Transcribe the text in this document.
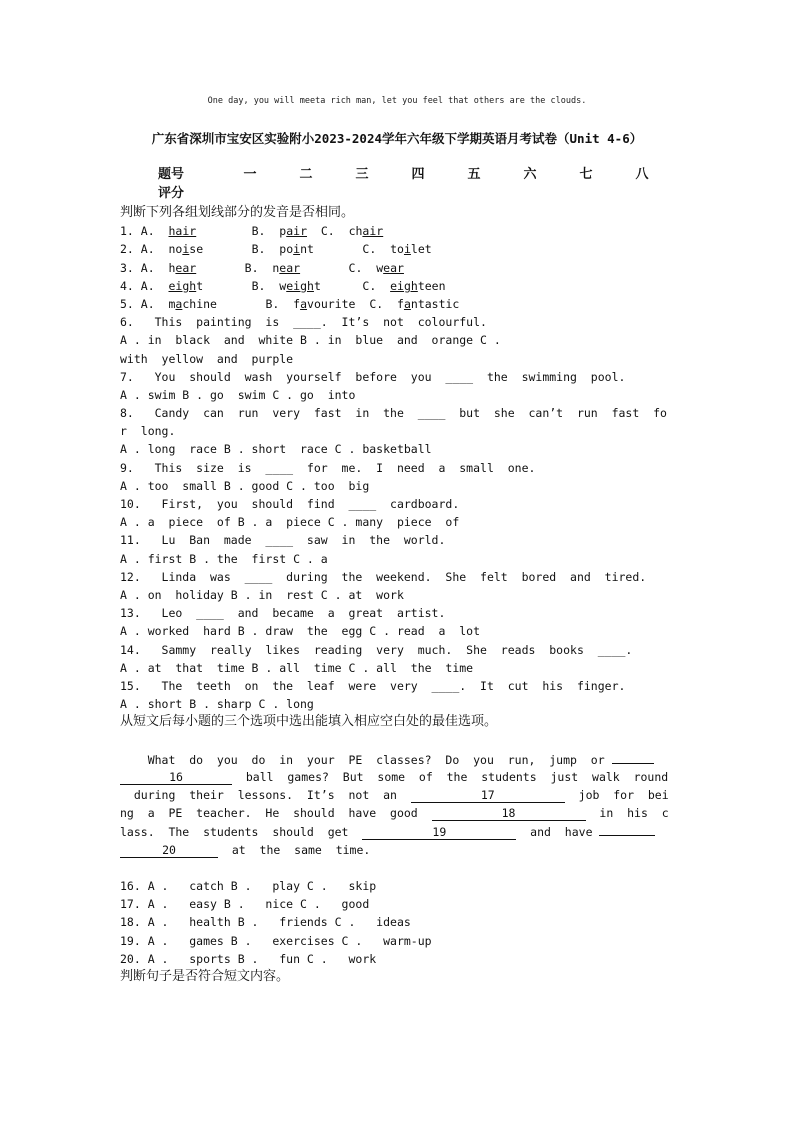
One day, you will meeta rich man, let you feel that others are the clouds.
广东省深圳市宝安区实验附小2023-2024学年六年级下学期英语月考试卷（Unit 4-6）
题号	一	二	三	四	五	六	七	八
评分
判断下列各组划线部分的发音是否相同。
1. A.  hair        B.  pair  C.  chair
2. A.  noise       B.  point       C.  toilet
3. A.  hear       B.  near       C.  wear
4. A.  eight       B.  weight      C.  eighteen
5. A.  machine       B.  favourite  C.  fantastic
6.   This  painting  is  ____.  It’s  not  colourful.
A . in  black  and  white B . in  blue  and  orange C .
with  yellow  and  purple
7.   You  should  wash  yourself  before  you  ____  the  swimming  pool.
A . swim B . go  swim C . go  into
8.   Candy  can  run  very  fast  in  the  ____  but  she  can’t  run  fast  fo
r  long.
A . long  race B . short  race C . basketball
9.   This  size  is  ____  for  me.  I  need  a  small  one.
A . too  small B . good C . too  big
10.   First,  you  should  find  ____  cardboard.
A . a  piece  of B . a  piece C . many  piece  of
11.   Lu  Ban  made  ____  saw  in  the  world.
A . first B . the  first C . a
12.   Linda  was  ____  during  the  weekend.  She  felt  bored  and  tired.
A . on  holiday B . in  rest C . at  work
13.   Leo  ____  and  became  a  great  artist.
A . worked  hard B . draw  the  egg C . read  a  lot
14.   Sammy  really  likes  reading  very  much.  She  reads  books  ____.
A . at  that  time B . all  time C . all  the  time
15.   The  teeth  on  the  leaf  were  very  ____.  It  cut  his  finger.
A . short B . sharp C . long
从短文后每小题的三个选项中选出能填入相应空白处的最佳选项。
What  do  you  do  in  your  PE  classes?  Do  you  run,  jump  or
16	ball  games?  But  some  of  the  students  just  walk  round
during  their  lessons.  It’s  not  an	17	job  for  bei
ng  a  PE  teacher.  He  should  have  good	18	in  his  c
lass.  The  students  should  get	19	and  have
20	at  the  same  time.
16. A .   catch B .   play C .   skip
17. A .   easy B .   nice C .   good
18. A .   health B .   friends C .   ideas
19. A .   games B .   exercises C .   warm-up
20. A .   sports B .   fun C .   work
判断句子是否符合短文内容。
